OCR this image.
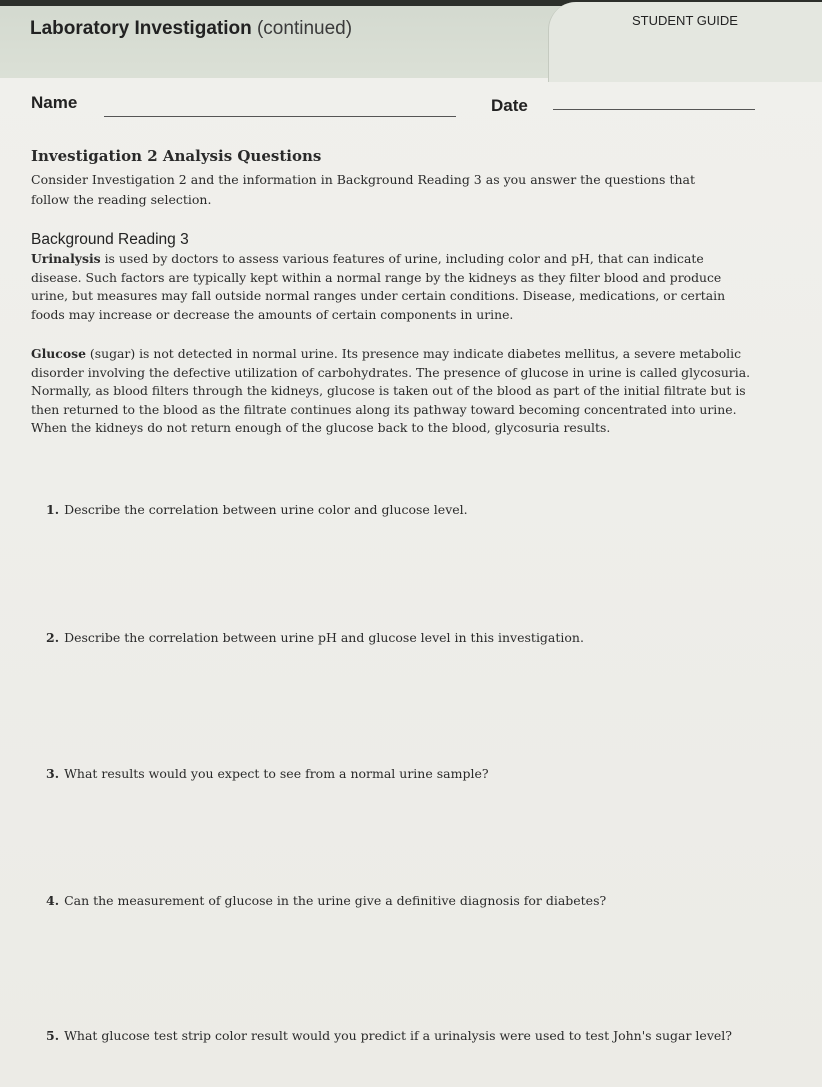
STUDENT GUIDE
Laboratory Investigation (continued)
Name	Date
Investigation 2 Analysis Questions

Consider Investigation 2 and the information in Background Reading 3 as you answer the questions that follow the reading selection.

Background Reading 3

Urinalysis is used by doctors to assess various features of urine, including color and pH, that can indicate disease. Such factors are typically kept within a normal range by the kidneys as they filter blood and produce urine, but measures may fall outside normal ranges under certain conditions. Disease, medications, or certain foods may increase or decrease the amounts of certain components in urine.

Glucose (sugar) is not detected in normal urine. Its presence may indicate diabetes mellitus, a severe metabolic disorder involving the defective utilization of carbohydrates. The presence of glucose in urine is called glycosuria. Normally, as blood filters through the kidneys, glucose is taken out of the blood as part of the initial filtrate but is then returned to the blood as the filtrate continues along its pathway toward becoming concentrated into urine. When the kidneys do not return enough of the glucose back to the blood, glycosuria results.

1. Describe the correlation between urine color and glucose level.

2. Describe the correlation between urine pH and glucose level in this investigation.

3. What results would you expect to see from a normal urine sample?

4. Can the measurement of glucose in the urine give a definitive diagnosis for diabetes?

5. What glucose test strip color result would you predict if a urinalysis were used to test John's sugar level?
